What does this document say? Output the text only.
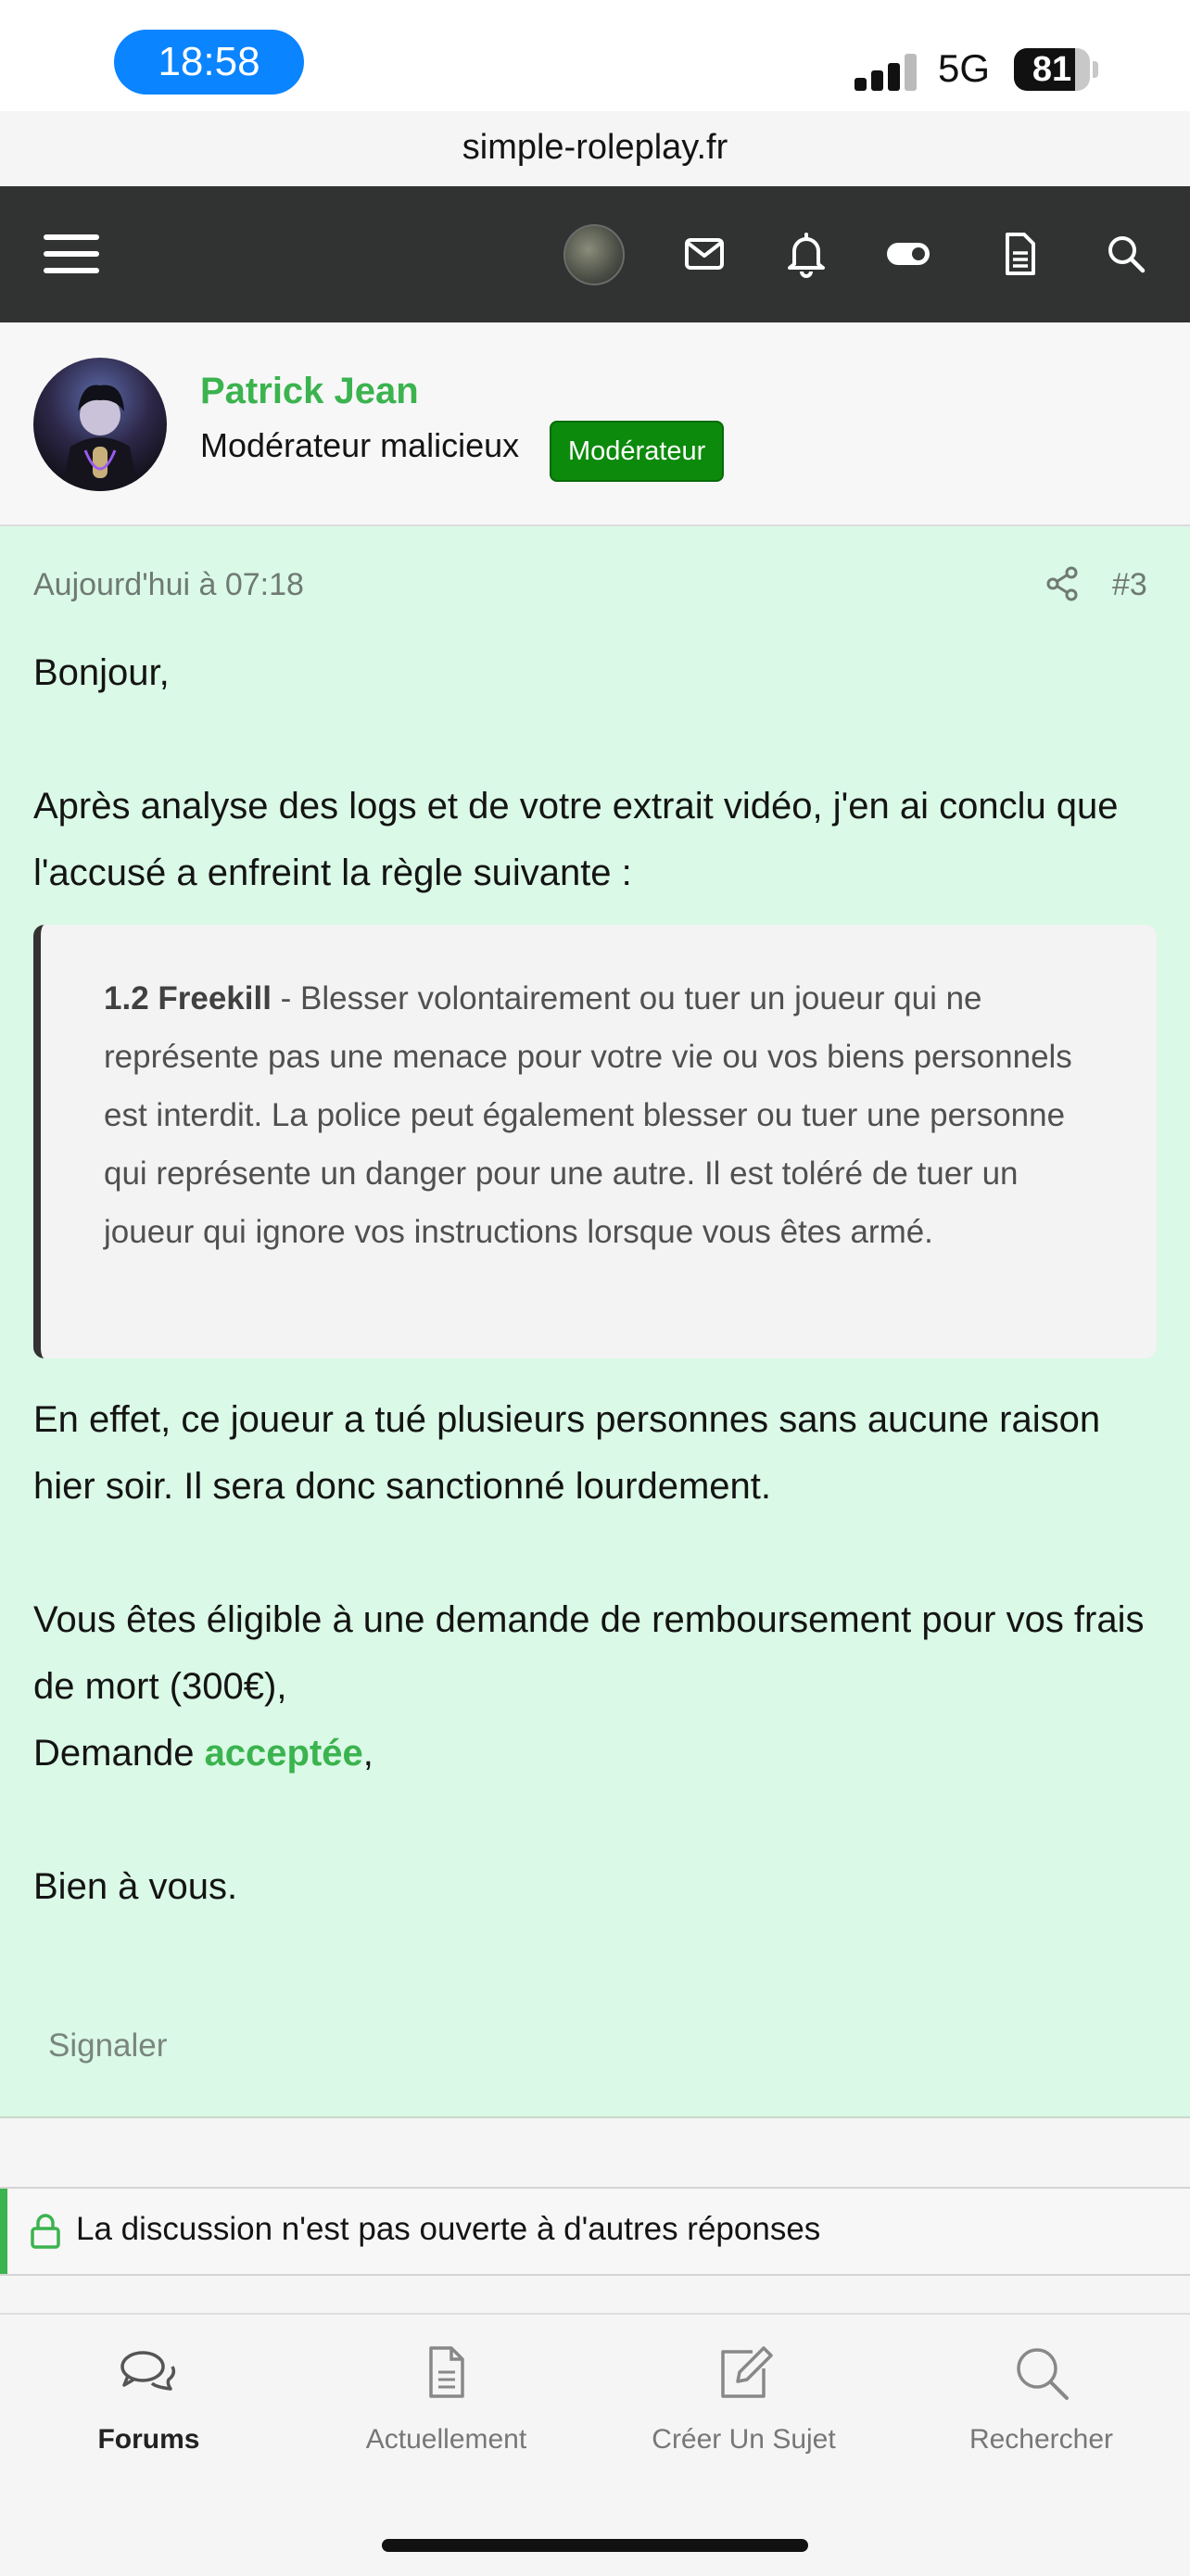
18:58	5G	81
simple-roleplay.fr
Patrick Jean
Modérateur malicieux	Modérateur
Aujourd'hui à 07:18	#3
Bonjour,
Après analyse des logs et de votre extrait vidéo, j'en ai conclu que l'accusé a enfreint la règle suivante :
1.2 Freekill - Blesser volontairement ou tuer un joueur qui ne représente pas une menace pour votre vie ou vos biens personnels est interdit. La police peut également blesser ou tuer une personne qui représente un danger pour une autre. Il est toléré de tuer un joueur qui ignore vos instructions lorsque vous êtes armé.
En effet, ce joueur a tué plusieurs personnes sans aucune raison hier soir. Il sera donc sanctionné lourdement.
Vous êtes éligible à une demande de remboursement pour vos frais de mort (300€),
Demande acceptée,
Bien à vous.
Signaler
La discussion n'est pas ouverte à d'autres réponses
Forums	Actuellement	Créer Un Sujet	Rechercher
